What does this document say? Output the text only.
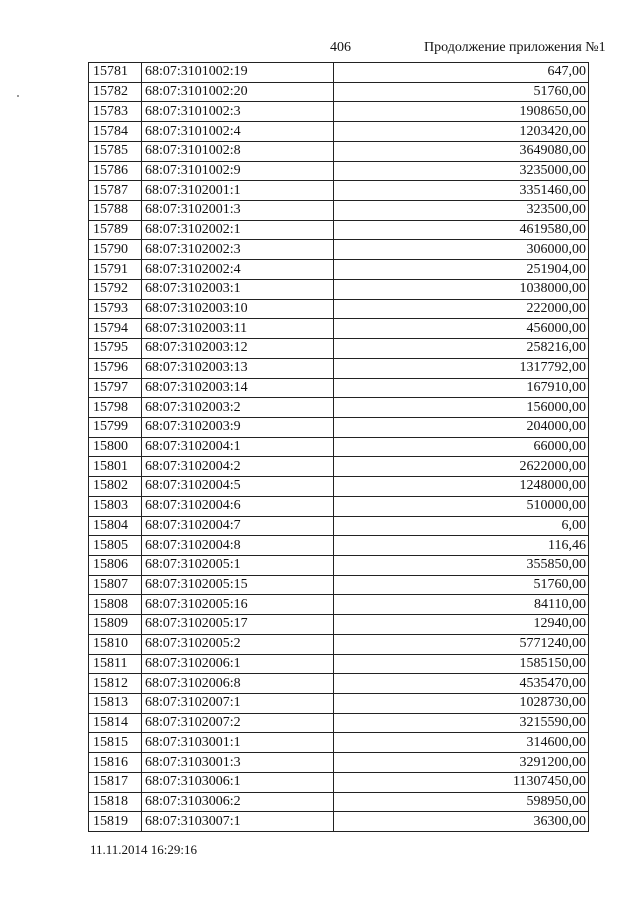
406	Продолжение приложения №1
15781	68:07:3101002:19	647,00
15782	68:07:3101002:20	51760,00
15783	68:07:3101002:3	1908650,00
15784	68:07:3101002:4	1203420,00
15785	68:07:3101002:8	3649080,00
15786	68:07:3101002:9	3235000,00
15787	68:07:3102001:1	3351460,00
15788	68:07:3102001:3	323500,00
15789	68:07:3102002:1	4619580,00
15790	68:07:3102002:3	306000,00
15791	68:07:3102002:4	251904,00
15792	68:07:3102003:1	1038000,00
15793	68:07:3102003:10	222000,00
15794	68:07:3102003:11	456000,00
15795	68:07:3102003:12	258216,00
15796	68:07:3102003:13	1317792,00
15797	68:07:3102003:14	167910,00
15798	68:07:3102003:2	156000,00
15799	68:07:3102003:9	204000,00
15800	68:07:3102004:1	66000,00
15801	68:07:3102004:2	2622000,00
15802	68:07:3102004:5	1248000,00
15803	68:07:3102004:6	510000,00
15804	68:07:3102004:7	6,00
15805	68:07:3102004:8	116,46
15806	68:07:3102005:1	355850,00
15807	68:07:3102005:15	51760,00
15808	68:07:3102005:16	84110,00
15809	68:07:3102005:17	12940,00
15810	68:07:3102005:2	5771240,00
15811	68:07:3102006:1	1585150,00
15812	68:07:3102006:8	4535470,00
15813	68:07:3102007:1	1028730,00
15814	68:07:3102007:2	3215590,00
15815	68:07:3103001:1	314600,00
15816	68:07:3103001:3	3291200,00
15817	68:07:3103006:1	11307450,00
15818	68:07:3103006:2	598950,00
15819	68:07:3103007:1	36300,00
11.11.2014 16:29:16
